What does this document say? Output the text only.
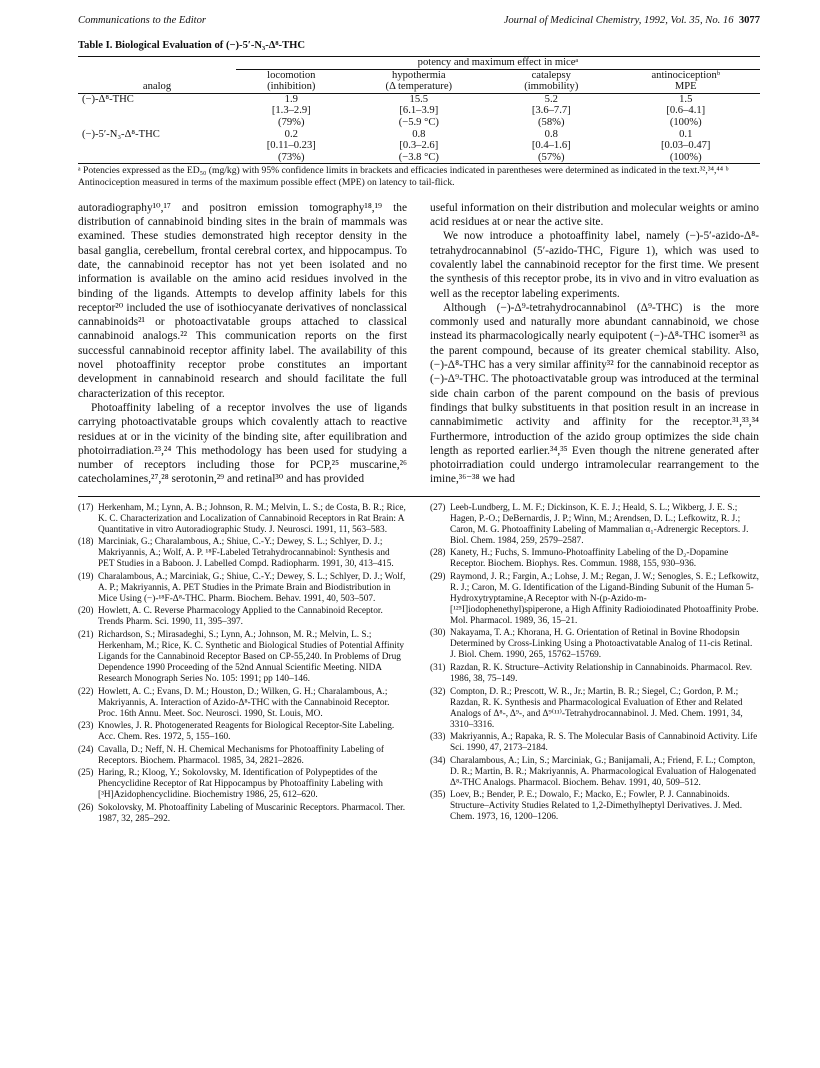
Communications to the Editor	Journal of Medicinal Chemistry, 1992, Vol. 35, No. 16 3077
Table I. Biological Evaluation of (−)-5′-N₃-Δ⁸-THC
	potency and maximum effect in miceᵃ			
	locomotion	hypothermia	catalepsy	antinociceptionᵇ
analog	(inhibition)	(Δ temperature)	(immobility)	MPE
(−)-Δ⁸-THC	1.9	15.5	5.2	1.5
	[1.3–2.9]	[6.1–3.9]	[3.6–7.7]	[0.6–4.1]
	(79%)	(−5.9 °C)	(58%)	(100%)
(−)-5′-N₃-Δ⁸-THC	0.2	0.8	0.8	0.1
	[0.11–0.23]	[0.3–2.6]	[0.4–1.6]	[0.03–0.47]
	(73%)	(−3.8 °C)	(57%)	(100%)
ᵃ Potencies expressed as the ED₅₀ (mg/kg) with 95% confidence limits in brackets and efficacies indicated in parentheses were determined as indicated in the text.³²,³⁴,⁴⁴ ᵇ Antinociception measured in terms of the maximum possible effect (MPE) on latency to tail-flick.

autoradiography¹⁰,¹⁷ and positron emission tomography¹⁸,¹⁹ the distribution of cannabinoid binding sites in the brain of mammals was examined. These studies demonstrated high receptor density in the basal ganglia, cerebellum, frontal cerebral cortex, and hippocampus. To date, the cannabinoid receptor has not yet been isolated and no information is available on the amino acid residues involved in the binding of the ligands. Attempts to develop affinity labels for this receptor²⁰ included the use of isothiocyanate derivatives of nonclassical cannabinoids²¹ or photoactivatable groups attached to classical cannabinoid analogs.²² This communication reports on the first successful cannabinoid receptor affinity label. The availability of this novel photoaffinity receptor probe constitutes an important development in cannabinoid research and should facilitate the full characterization of this receptor.

Photoaffinity labeling of a receptor involves the use of ligands carrying photoactivatable groups which covalently attach to reactive residues at or in the vicinity of the binding site, after equilibration and photoirradiation.²³,²⁴ This methodology has been used for studying a number of receptors including those for PCP,²⁵ muscarine,²⁶ catecholamines,²⁷,²⁸ serotonin,²⁹ and retinal³⁰ and has provided

useful information on their distribution and molecular weights or amino acid residues at or near the active site.

We now introduce a photoaffinity label, namely (−)-5′-azido-Δ⁸-tetrahydrocannabinol (5′-azido-THC, Figure 1), which was used to covalently label the cannabinoid receptor for the first time. We present the synthesis of this receptor probe, its in vivo and in vitro evaluation as well as the receptor labeling experiments.

Although (−)-Δ⁹-tetrahydrocannabinol (Δ⁹-THC) is the more commonly used and naturally more abundant cannabinoid, we chose instead its pharmacologically nearly equipotent (−)-Δ⁸-THC isomer³¹ as the parent compound, because of its greater chemical stability. Also, (−)-Δ⁸-THC has a very similar affinity³² for the cannabinoid receptor as (−)-Δ⁹-THC. The photoactivatable group was introduced at the terminal side chain carbon of the parent compound on the basis of previous findings that bulky substituents in that position result in an increase in cannabimimetic activity and affinity for the receptor.³¹,³³,³⁴ Furthermore, introduction of the azido group optimizes the side chain length as reported earlier.³⁴,³⁵ Even though the nitrene generated after photoirradiation could undergo intramolecular rearrangement to the imine,³⁶⁻³⁸ we had

(17) Herkenham, M.; Lynn, A. B.; Johnson, R. M.; Melvin, L. S.; de Costa, B. R.; Rice, K. C. Characterization and Localization of Cannabinoid Receptors in Rat Brain: A Quantitative in vitro Autoradiographic Study. J. Neurosci. 1991, 11, 563–583.
(18) Marciniak, G.; Charalambous, A.; Shiue, C.-Y.; Dewey, S. L.; Schlyer, D. J.; Makriyannis, A.; Wolf, A. P. ¹⁸F-Labeled Tetrahydrocannabinol: Synthesis and PET Studies in a Baboon. J. Labelled Compd. Radiopharm. 1991, 30, 413–415.
(19) Charalambous, A.; Marciniak, G.; Shiue, C.-Y.; Dewey, S. L.; Schlyer, D. J.; Wolf, A. P.; Makriyannis, A. PET Studies in the Primate Brain and Biodistribution in Mice Using (−)-¹⁸F-Δ⁸-THC. Pharm. Biochem. Behav. 1991, 40, 503–507.
(20) Howlett, A. C. Reverse Pharmacology Applied to the Cannabinoid Receptor. Trends Pharm. Sci. 1990, 11, 395–397.
(21) Richardson, S.; Mirasadeghi, S.; Lynn, A.; Johnson, M. R.; Melvin, L. S.; Herkenham, M.; Rice, K. C. Synthetic and Biological Studies of Potential Affinity Ligands for the Cannabinoid Receptor Based on CP-55,240. In Problems of Drug Dependence 1990 Proceeding of the 52nd Annual Scientific Meeting. NIDA Research Monograph Series No. 105: 1991; pp 140–146.
(22) Howlett, A. C.; Evans, D. M.; Houston, D.; Wilken, G. H.; Charalambous, A.; Makriyannis, A. Interaction of Azido-Δ⁸-THC with the Cannabinoid Receptor. Proc. 16th Annu. Meet. Soc. Neurosci. 1990, St. Louis, MO.
(23) Knowles, J. R. Photogenerated Reagents for Biological Receptor-Site Labeling. Acc. Chem. Res. 1972, 5, 155–160.
(24) Cavalla, D.; Neff, N. H. Chemical Mechanisms for Photoaffinity Labeling of Receptors. Biochem. Pharmacol. 1985, 34, 2821–2826.
(25) Haring, R.; Kloog, Y.; Sokolovsky, M. Identification of Polypeptides of the Phencyclidine Receptor of Rat Hippocampus by Photoaffinity Labeling with [³H]Azidophencyclidine. Biochemistry 1986, 25, 612–620.
(26) Sokolovsky, M. Photoaffinity Labeling of Muscarinic Receptors. Pharmacol. Ther. 1987, 32, 285–292.
(27) Leeb-Lundberg, L. M. F.; Dickinson, K. E. J.; Heald, S. L.; Wikberg, J. E. S.; Hagen, P.-O.; DeBernardis, J. P.; Winn, M.; Arendsen, D. L.; Lefkowitz, R. J.; Caron, M. G. Photoaffinity Labeling of Mammalian α₁-Adrenergic Receptors. J. Biol. Chem. 1984, 259, 2579–2587.
(28) Kanety, H.; Fuchs, S. Immuno-Photoaffinity Labeling of the D₂-Dopamine Receptor. Biochem. Biophys. Res. Commun. 1988, 155, 930–936.
(29) Raymond, J. R.; Fargin, A.; Lohse, J. M.; Regan, J. W.; Senogles, S. E.; Lefkowitz, R. J.; Caron, M. G. Identification of the Ligand-Binding Subunit of the Human 5-Hydroxytryptamine₁A Receptor with N-(p-Azido-m-[¹²⁵I]iodophenethyl)spiperone, a High Affinity Radioiodinated Photoaffinity Probe. Mol. Pharmacol. 1989, 36, 15–21.
(30) Nakayama, T. A.; Khorana, H. G. Orientation of Retinal in Bovine Rhodopsin Determined by Cross-Linking Using a Photoactivatable Analog of 11-cis Retinal. J. Biol. Chem. 1990, 265, 15762–15769.
(31) Razdan, R. K. Structure–Activity Relationship in Cannabinoids. Pharmacol. Rev. 1986, 38, 75–149.
(32) Compton, D. R.; Prescott, W. R., Jr.; Martin, B. R.; Siegel, C.; Gordon, P. M.; Razdan, R. K. Synthesis and Pharmacological Evaluation of Ether and Related Analogs of Δ⁸-, Δ⁹-, and Δ⁹⁽¹¹⁾-Tetrahydrocannabinol. J. Med. Chem. 1991, 34, 3310–3316.
(33) Makriyannis, A.; Rapaka, R. S. The Molecular Basis of Cannabinoid Activity. Life Sci. 1990, 47, 2173–2184.
(34) Charalambous, A.; Lin, S.; Marciniak, G.; Banijamali, A.; Friend, F. L.; Compton, D. R.; Martin, B. R.; Makriyannis, A. Pharmacological Evaluation of Halogenated Δ⁸-THC Analogs. Pharmacol. Biochem. Behav. 1991, 40, 509–512.
(35) Loev, B.; Bender, P. E.; Dowalo, F.; Macko, E.; Fowler, P. J. Cannabinoids. Structure–Activity Studies Related to 1,2-Dimethylheptyl Derivatives. J. Med. Chem. 1973, 16, 1200–1206.
